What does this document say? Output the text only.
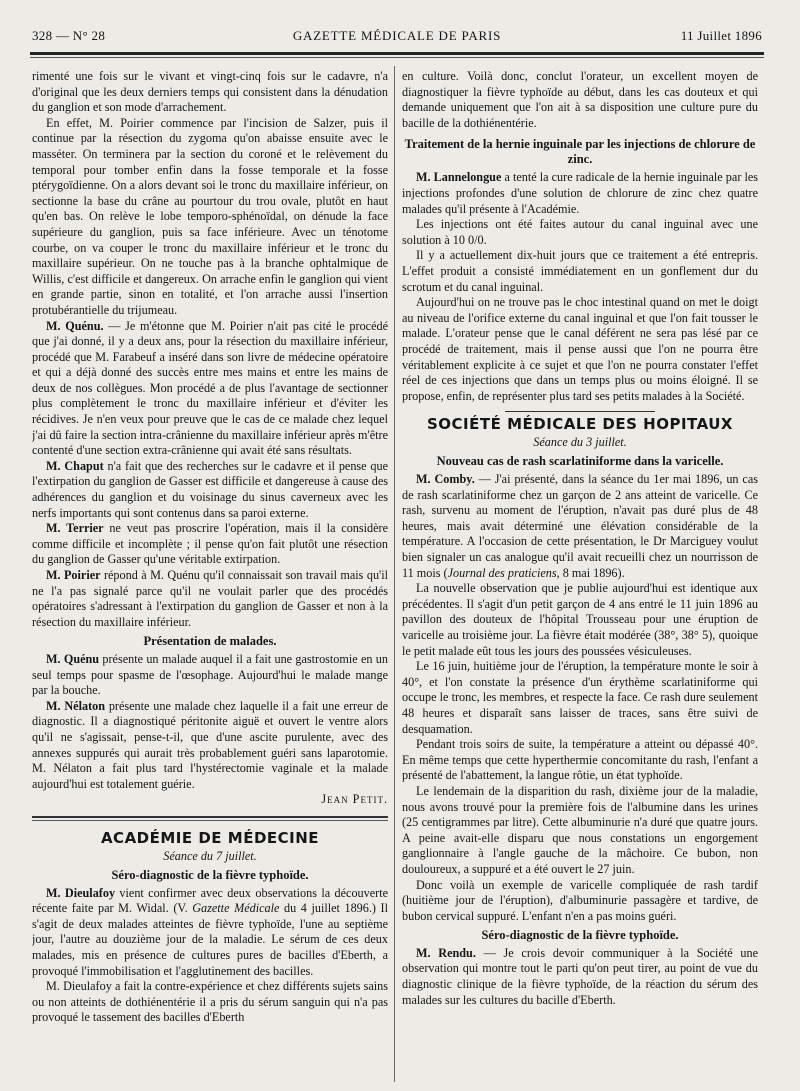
328 — N° 28	GAZETTE MÉDICALE DE PARIS	11 Juillet 1896

rimenté une fois sur le vivant et vingt-cinq fois sur le cadavre, n'a d'original que les deux derniers temps qui consistent dans la dénudation du ganglion et son mode d'arrachement.

En effet, M. Poirier commence par l'incision de Salzer, puis il continue par la résection du zygoma qu'on abaisse ensuite avec le masséter. On terminera par la section du coroné et le relèvement du temporal pour tomber enfin dans la fosse temporale et la fosse ptérygoïdienne. On a alors devant soi le tronc du maxillaire inférieur, on sectionne la base du crâne au pourtour du trou ovale, plutôt en haut qu'en bas. On relève le lobe temporo-sphénoïdal, on dénude la face supérieure du ganglion, puis sa face inférieure. Avec un ténotome courbe, on va couper le tronc du maxillaire inférieur et le tronc du maxillaire supérieur. On ne touche pas à la branche ophtalmique de Willis, c'est difficile et dangereux. On arrache enfin le ganglion qui vient en grande partie, sinon en totalité, et l'on arrache aussi l'insertion protubérantielle du trijumeau.

M. Quénu. — Je m'étonne que M. Poirier n'ait pas cité le procédé que j'ai donné, il y a deux ans, pour la résection du maxillaire inférieur, procédé que M. Farabeuf a inséré dans son livre de médecine opératoire et qui a déjà donné des succès entre mes mains et entre les mains de deux de nos collègues. Mon procédé a de plus l'avantage de sectionner plus complètement le tronc du maxillaire inférieur et d'éviter les récidives. Je n'en veux pour preuve que le cas de ce malade chez lequel j'ai dû faire la section intra-crânienne du maxillaire inférieur après m'être contenté d'une section extra-crânienne qui avait été sans résultats.

M. Chaput n'a fait que des recherches sur le cadavre et il pense que l'extirpation du ganglion de Gasser est difficile et dangereuse à cause des adhérences du ganglion et du voisinage du sinus caverneux avec les nerfs importants qui sont contenus dans sa paroi externe.

M. Terrier ne veut pas proscrire l'opération, mais il la considère comme difficile et incomplète ; il pense qu'on fait plutôt une résection du ganglion de Gasser qu'une véritable extirpation.

M. Poirier répond à M. Quénu qu'il connaissait son travail mais qu'il ne l'a pas signalé parce qu'il ne voulait parler que des procédés opératoires s'adressant à l'extirpation du ganglion de Gasser et non à la résection du maxillaire inférieur.

Présentation de malades.

M. Quénu présente un malade auquel il a fait une gastrostomie en un seul temps pour spasme de l'œsophage. Aujourd'hui le malade mange par la bouche.

M. Nélaton présente une malade chez laquelle il a fait une erreur de diagnostic. Il a diagnostiqué péritonite aiguë et ouvert le ventre alors qu'il ne s'agissait, pense-t-il, que d'une ascite purulente, avec des annexes suppurés qui aurait très probablement guéri sans laparotomie. M. Nélaton a fait plus tard l'hystérectomie vaginale et la malade aujourd'hui est totalement guérie.

Jean Petit.
ACADÉMIE DE MÉDECINE
Séance du 7 juillet.
Séro-diagnostic de la fièvre typhoïde.

M. Dieulafoy vient confirmer avec deux observations la découverte récente faite par M. Widal. (V. Gazette Médicale du 4 juillet 1896.) Il s'agit de deux malades atteintes de fièvre typhoïde, l'une au septième jour, l'autre au douzième jour de la maladie. Le sérum de ces deux malades, mis en présence de cultures pures de bacilles d'Eberth, a provoqué l'immobilisation et l'agglutinement des bacilles.

M. Dieulafoy a fait la contre-expérience et chez différents sujets sains ou non atteints de dothiénentérie il a pris du sérum sanguin qui n'a pas provoqué le tassement des bacilles d'Eberth

en culture. Voilà donc, conclut l'orateur, un excellent moyen de diagnostiquer la fièvre typhoïde au début, dans les cas douteux et qui demande uniquement que l'on ait à sa disposition une culture pure du bacille de la dothiénentérie.

Traitement de la hernie inguinale par les injections de chlorure de zinc.

M. Lannelongue a tenté la cure radicale de la hernie inguinale par les injections profondes d'une solution de chlorure de zinc chez quatre malades qu'il présente à l'Académie.

Les injections ont été faites autour du canal inguinal avec une solution à 10 0/0.

Il y a actuellement dix-huit jours que ce traitement a été entrepris. L'effet produit a consisté immédiatement en un gonflement dur du scrotum et du canal inguinal.

Aujourd'hui on ne trouve pas le choc intestinal quand on met le doigt au niveau de l'orifice externe du canal inguinal et que l'on fait tousser le malade. L'orateur pense que le canal déférent ne sera pas lésé par ce procédé de traitement, mais il pense aussi que l'on ne pourra être véritablement explicite à ce sujet et que l'on ne pourra constater l'effet réel de ces injections que dans un temps plus ou moins éloigné. Il se propose, enfin, de représenter plus tard ses petits malades à la Société.

SOCIÉTÉ MÉDICALE DES HOPITAUX
Séance du 3 juillet.
Nouveau cas de rash scarlatiniforme dans la varicelle.

M. Comby. — J'ai présenté, dans la séance du 1er mai 1896, un cas de rash scarlatiniforme chez un garçon de 2 ans atteint de varicelle. Ce rash, survenu au moment de l'éruption, n'avait pas duré plus de 48 heures, mais avait déterminé une élévation considérable de la température. A l'occasion de cette présentation, le Dr Marciguey voulut bien signaler un cas analogue qu'il avait recueilli chez un nourrisson de 11 mois (Journal des praticiens, 8 mai 1896).

La nouvelle observation que je publie aujourd'hui est identique aux précédentes. Il s'agit d'un petit garçon de 4 ans entré le 11 juin 1896 au pavillon des douteux de l'hôpital Trousseau pour une éruption de varicelle au troisième jour. La fièvre était modérée (38°, 38° 5), quoique le petit malade eût tous les jours des poussées vésiculeuses.

Le 16 juin, huitième jour de l'éruption, la température monte le soir à 40°, et l'on constate la présence d'un érythème scarlatiniforme qui occupe le tronc, les membres, et respecte la face. Ce rash dure seulement 48 heures et disparaît sans laisser de traces, sans être suivi de desquamation.

Pendant trois soirs de suite, la température a atteint ou dépassé 40°. En même temps que cette hyperthermie concomitante du rash, l'enfant a présenté de l'abattement, la langue rôtie, un état typhoïde.

Le lendemain de la disparition du rash, dixième jour de la maladie, nous avons trouvé pour la première fois de l'albumine dans les urines (25 centigrammes par litre). Cette albuminurie n'a duré que quatre jours. A peine avait-elle disparu que nous constations un engorgement ganglionnaire à l'angle gauche de la mâchoire. Ce bubon, non douloureux, a suppuré et a été ouvert le 27 juin.

Donc voilà un exemple de varicelle compliquée de rash tardif (huitième jour de l'éruption), d'albuminurie passagère et tardive, de bubon cervical suppuré. L'enfant n'en a pas moins guéri.

Séro-diagnostic de la fièvre typhoïde.

M. Rendu. — Je crois devoir communiquer à la Société une observation qui montre tout le parti qu'on peut tirer, au point de vue du diagnostic clinique de la fièvre typhoïde, de la réaction du sérum des malades sur les cultures du bacille d'Eberth.
